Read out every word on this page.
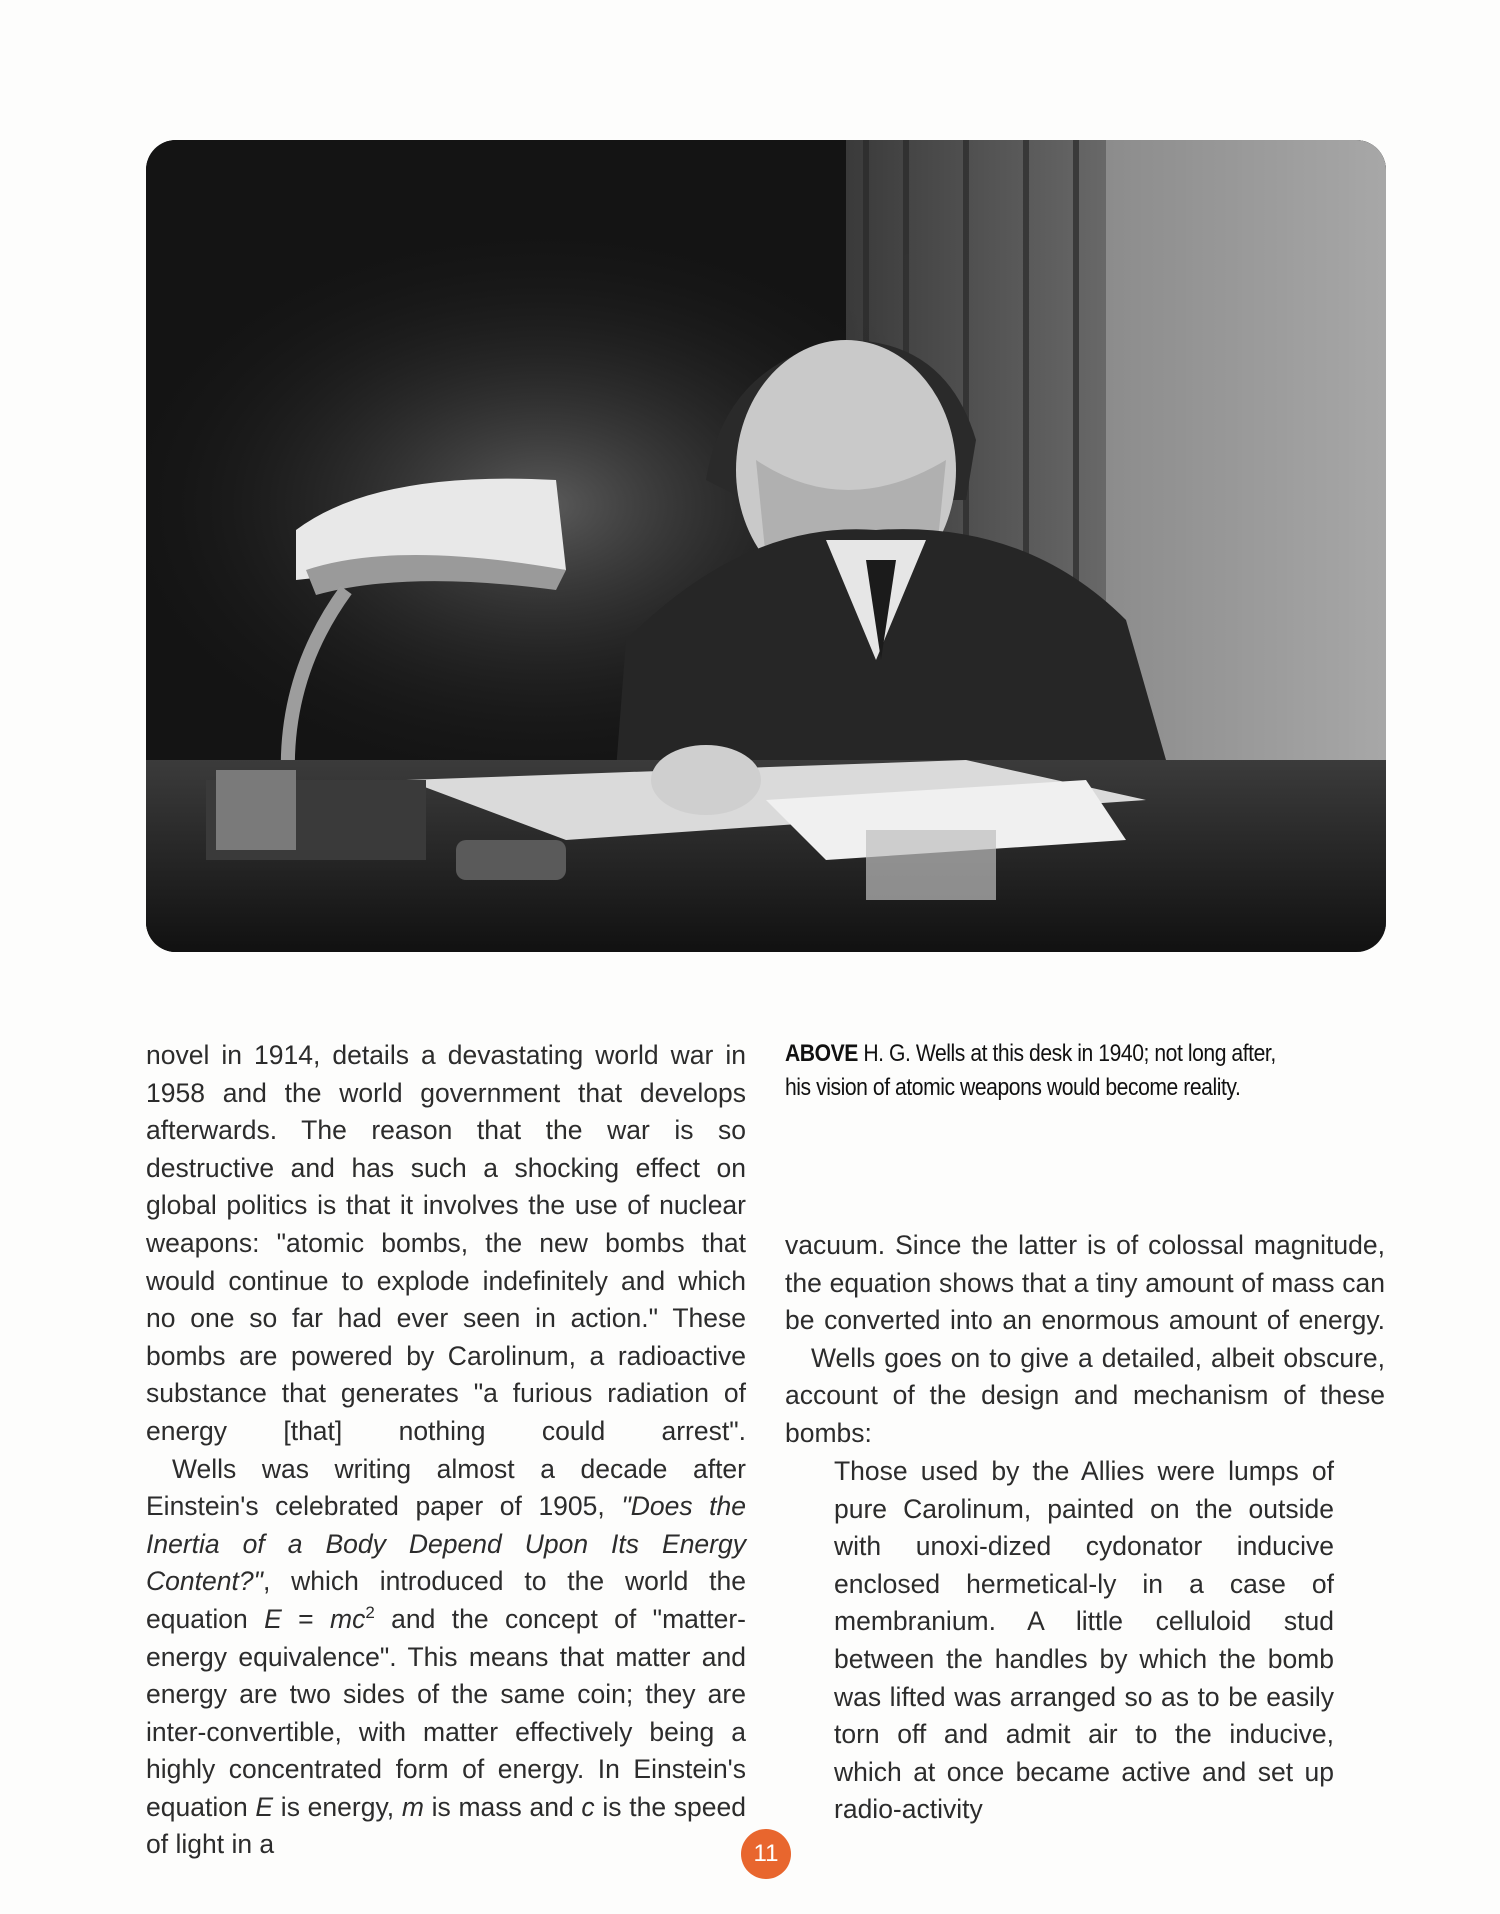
novel in 1914, details a devastating world war in 1958 and the world government that develops afterwards. The reason that the war is so destructive and has such a shocking effect on global politics is that it involves the use of nuclear weapons: "atomic bombs, the new bombs that would continue to explode indefinitely and which no one so far had ever seen in action." These bombs are powered by Carolinum, a radioactive substance that generates "a furious radiation of energy [that] nothing could arrest".

Wells was writing almost a decade after Einstein's celebrated paper of 1905, "Does the Inertia of a Body Depend Upon Its Energy Content?", which introduced to the world the equation $E = mc^2$ and the concept of "matter-energy equivalence". This means that matter and energy are two sides of the same coin; they are inter-convertible, with matter effectively being a highly concentrated form of energy. In Einstein's equation E is energy, m is mass and c is the speed of light in a

ABOVE H. G. Wells at this desk in 1940; not long after, his vision of atomic weapons would become reality.

vacuum. Since the latter is of colossal magnitude, the equation shows that a tiny amount of mass can be converted into an enormous amount of energy.

Wells goes on to give a detailed, albeit obscure, account of the design and mechanism of these bombs:

Those used by the Allies were lumps of pure Carolinum, painted on the outside with unoxi-dized cydonator inducive enclosed hermetical-ly in a case of membranium. A little celluloid stud between the handles by which the bomb was lifted was arranged so as to be easily torn off and admit air to the inducive, which at once became active and set up radio-activity

11
